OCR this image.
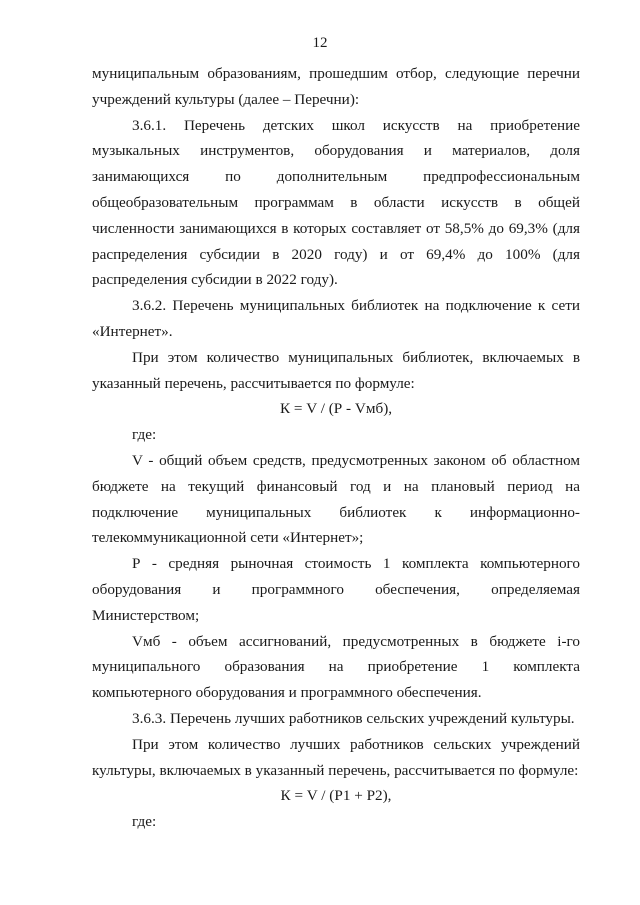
12

муниципальным образованиям, прошедшим отбор, следующие перечни учреждений культуры (далее – Перечни):

3.6.1. Перечень детских школ искусств на приобретение музыкальных инструментов, оборудования и материалов, доля занимающихся по дополнительным предпрофессиональным общеобразовательным программам в области искусств в общей численности занимающихся в которых составляет от 58,5% до 69,3% (для распределения субсидии в 2020 году) и от 69,4% до 100% (для распределения субсидии в 2022 году).

3.6.2. Перечень муниципальных библиотек на подключение к сети «Интернет».

При этом количество муниципальных библиотек, включаемых в указанный перечень, рассчитывается по формуле:

К = V / (Р - Vмб),

где:

V - общий объем средств, предусмотренных законом об областном бюджете на текущий финансовый год и на плановый период на подключение муниципальных библиотек к информационно-телекоммуникационной сети «Интернет»;

Р - средняя рыночная стоимость 1 комплекта компьютерного оборудования и программного обеспечения, определяемая Министерством;

Vмб - объем ассигнований, предусмотренных в бюджете i-го муниципального образования на приобретение 1 комплекта компьютерного оборудования и программного обеспечения.

3.6.3. Перечень лучших работников сельских учреждений культуры.

При этом количество лучших работников сельских учреждений культуры, включаемых в указанный перечень, рассчитывается по формуле:

К = V / (Р1 + Р2),

где:
